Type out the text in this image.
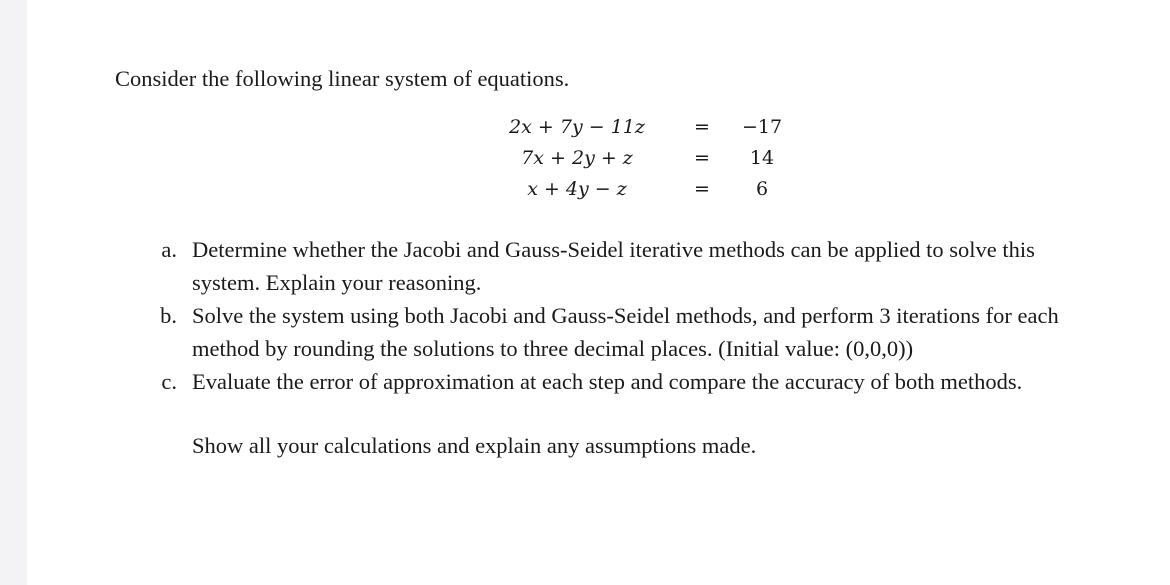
Consider the following linear system of equations.
2x + 7y − 11z	=	−17
7x + 2y + z	=	14
x + 4y − z	=	6
a. Determine whether the Jacobi and Gauss-Seidel iterative methods can be applied to solve this
system. Explain your reasoning.
b. Solve the system using both Jacobi and Gauss-Seidel methods, and perform 3 iterations for each
method by rounding the solutions to three decimal places. (Initial value: (0,0,0))
c. Evaluate the error of approximation at each step and compare the accuracy of both methods.
Show all your calculations and explain any assumptions made.
